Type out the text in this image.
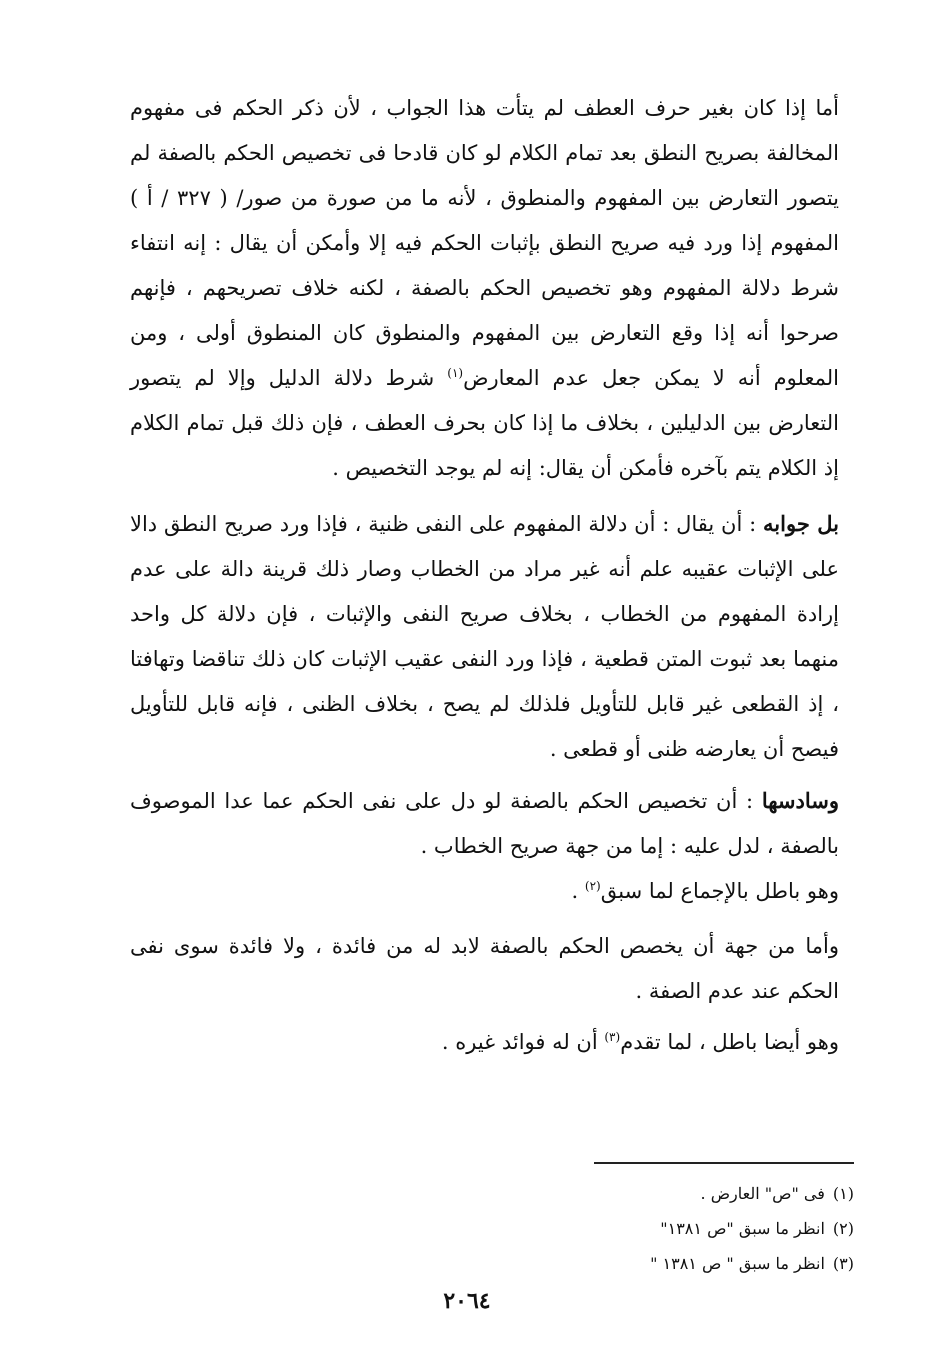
أما إذا كان بغير حرف العطف لم يتأت هذا الجواب ، لأن ذكر الحكم فى مفهوم المخالفة بصريح النطق بعد تمام الكلام لو كان قادحا فى تخصيص الحكم بالصفة لم يتصور التعارض بين المفهوم والمنطوق ، لأنه ما من صورة من صور/ ( ٣٢٧ / أ ) المفهوم إذا ورد فيه صريح النطق بإثبات الحكم فيه إلا وأمكن أن يقال : إنه انتفاء شرط دلالة المفهوم وهو تخصيص الحكم بالصفة ، لكنه خلاف تصريحهم ، فإنهم صرحوا أنه إذا وقع التعارض بين المفهوم والمنطوق كان المنطوق أولى ، ومن المعلوم أنه لا يمكن جعل عدم المعارض$^{(١)}$ شرط دلالة الدليل وإلا لم يتصور التعارض بين الدليلين ، بخلاف ما إذا كان بحرف العطف ، فإن ذلك قبل تمام الكلام إذ الكلام يتم بآخره فأمكن أن يقال: إنه لم يوجد التخصيص .

بل جوابه : أن يقال : أن دلالة المفهوم على النفى ظنية ، فإذا ورد صريح النطق دالا على الإثبات عقيبه علم أنه غير مراد من الخطاب وصار ذلك قرينة دالة على عدم إرادة المفهوم من الخطاب ، بخلاف صريح النفى والإثبات ، فإن دلالة كل واحد منهما بعد ثبوت المتن قطعية ، فإذا ورد النفى عقيب الإثبات كان ذلك تناقضا وتهافتا ، إذ القطعى غير قابل للتأويل فلذلك لم يصح ، بخلاف الظنى ، فإنه قابل للتأويل فيصح أن يعارضه ظنى أو قطعى .

وسادسها : أن تخصيص الحكم بالصفة لو دل على نفى الحكم عما عدا الموصوف بالصفة ، لدل عليه : إما من جهة صريح الخطاب .

وهو باطل بالإجماع لما سبق$^{(٢)}$ .

وأما من جهة أن يخصص الحكم بالصفة لابد له من فائدة ، ولا فائدة سوى نفى الحكم عند عدم الصفة .

وهو أيضا باطل ، لما تقدم$^{(٣)}$ أن له فوائد غيره .

(١)فى "ص" العارض .

(٢)انظر ما سبق "ص ١٣٨١"

(٣)انظر ما سبق " ص ١٣٨١ "

٢٠٦٤
